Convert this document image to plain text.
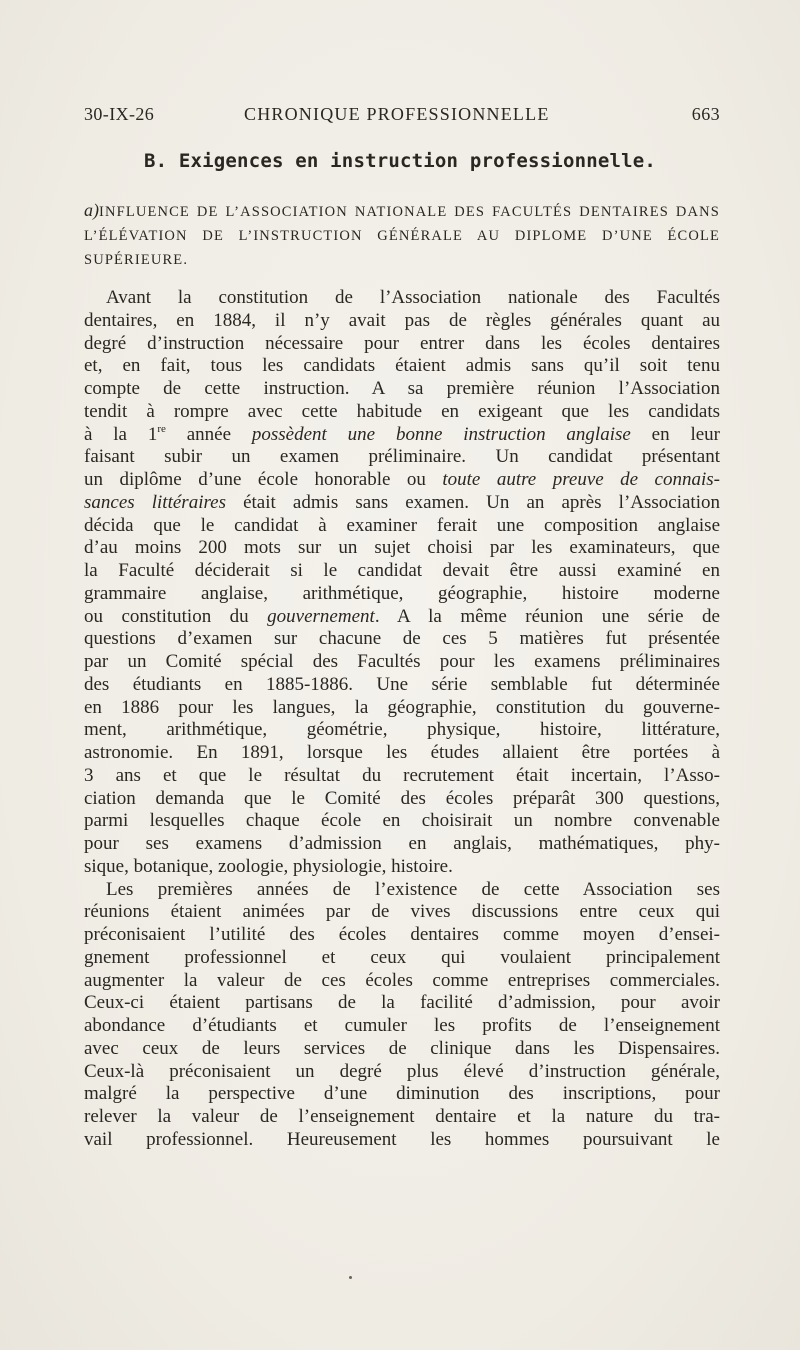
30-IX-26	CHRONIQUE PROFESSIONNELLE	663
B. Exigences en instruction professionnelle.
a)INFLUENCE DE L’ASSOCIATION NATIONALE DES FACULTÉS DENTAIRES DANS L’ÉLÉVATION DE L’INSTRUCTION GÉNÉRALE AU DIPLOME D’UNE ÉCOLE SUPÉRIEURE.
Avant la constitution de l’Association nationale des Facultés
dentaires, en 1884, il n’y avait pas de règles générales quant au
degré d’instruction nécessaire pour entrer dans les écoles dentaires
et, en fait, tous les candidats étaient admis sans qu’il soit tenu
compte de cette instruction. A sa première réunion l’Association
tendit à rompre avec cette habitude en exigeant que les candidats
à la 1re année possèdent une bonne instruction anglaise en leur
faisant subir un examen préliminaire. Un candidat présentant
un diplôme d’une école honorable ou toute autre preuve de connais-
sances littéraires était admis sans examen. Un an après l’Association
décida que le candidat à examiner ferait une composition anglaise
d’au moins 200 mots sur un sujet choisi par les examinateurs, que
la Faculté déciderait si le candidat devait être aussi examiné en
grammaire anglaise, arithmétique, géographie, histoire moderne
ou constitution du gouvernement. A la même réunion une série de
questions d’examen sur chacune de ces 5 matières fut présentée
par un Comité spécial des Facultés pour les examens préliminaires
des étudiants en 1885-1886. Une série semblable fut déterminée
en 1886 pour les langues, la géographie, constitution du gouverne-
ment, arithmétique, géométrie, physique, histoire, littérature,
astronomie. En 1891, lorsque les études allaient être portées à
3 ans et que le résultat du recrutement était incertain, l’Asso-
ciation demanda que le Comité des écoles préparât 300 questions,
parmi lesquelles chaque école en choisirait un nombre convenable
pour ses examens d’admission en anglais, mathématiques, phy-
sique, botanique, zoologie, physiologie, histoire.
Les premières années de l’existence de cette Association ses
réunions étaient animées par de vives discussions entre ceux qui
préconisaient l’utilité des écoles dentaires comme moyen d’ensei-
gnement professionnel et ceux qui voulaient principalement
augmenter la valeur de ces écoles comme entreprises commerciales.
Ceux-ci étaient partisans de la facilité d’admission, pour avoir
abondance d’étudiants et cumuler les profits de l’enseignement
avec ceux de leurs services de clinique dans les Dispensaires.
Ceux-là préconisaient un degré plus élevé d’instruction générale,
malgré la perspective d’une diminution des inscriptions, pour
relever la valeur de l’enseignement dentaire et la nature du tra-
vail professionnel. Heureusement les hommes poursuivant le
